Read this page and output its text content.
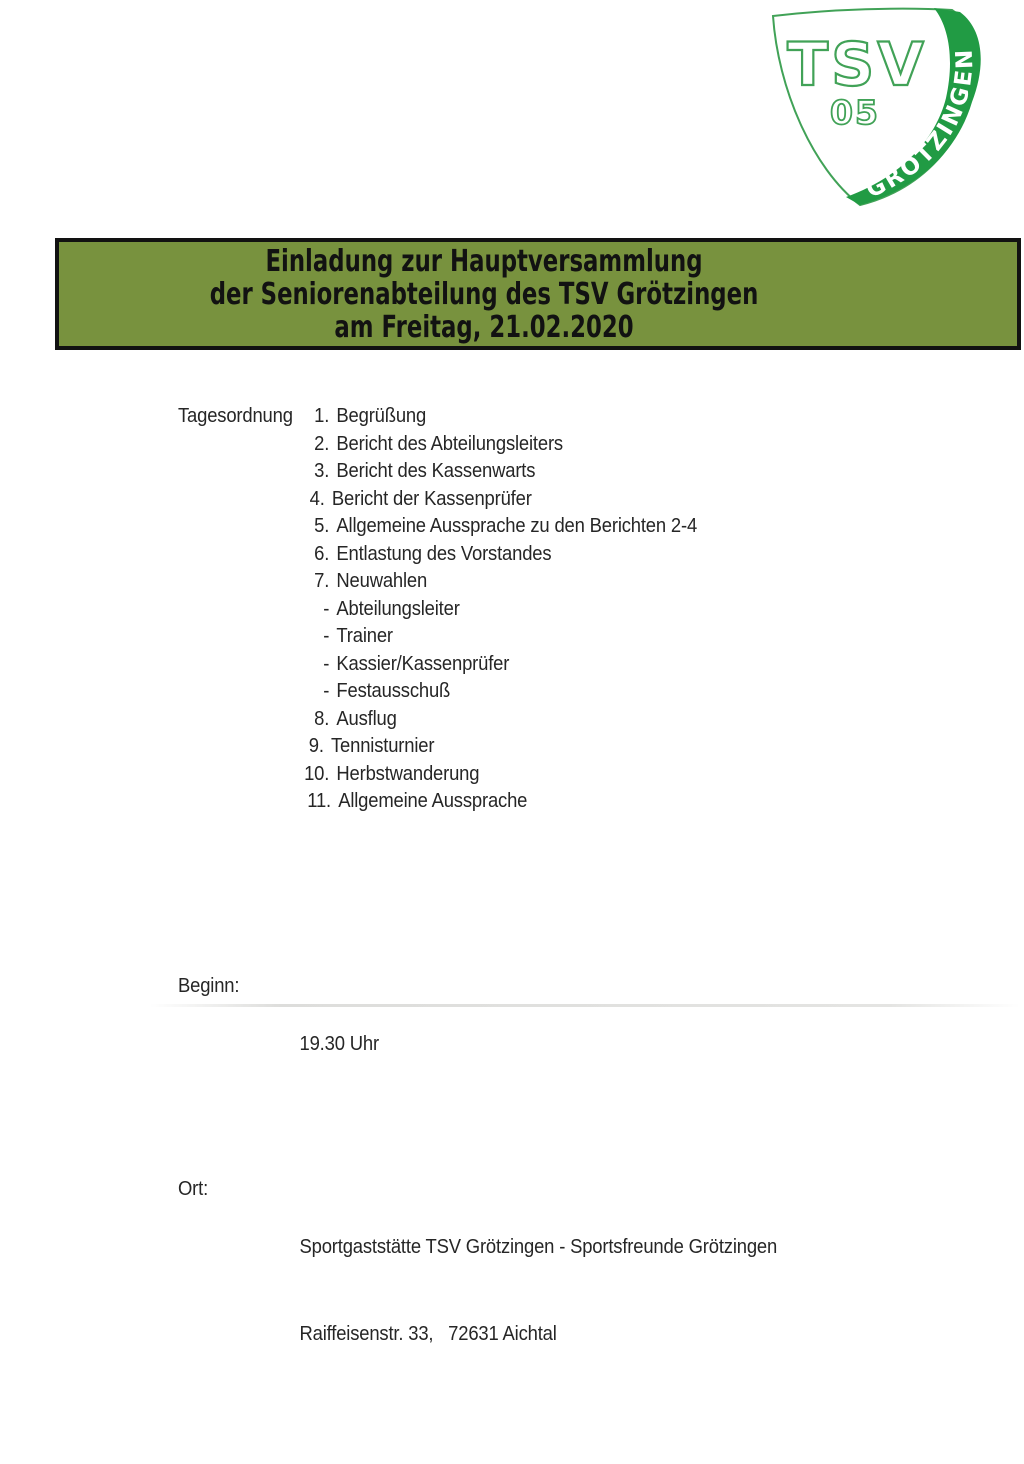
TSV
05
GRÖTZINGEN
Einladung zur Hauptversammlung
der Seniorenabteilung des TSV Grötzingen
am Freitag, 21.02.2020
Tagesordnung	1. Begrüßung
2. Bericht des Abteilungsleiters
3. Bericht des Kassenwarts
4. Bericht der Kassenprüfer
5. Allgemeine Aussprache zu den Berichten 2-4
6. Entlastung des Vorstandes
7. Neuwahlen
- Abteilungsleiter
- Trainer
- Kassier/Kassenprüfer
- Festausschuß
8. Ausflug
9. Tennisturnier
10. Herbstwanderung
11. Allgemeine Aussprache

Beginn:

19.30 Uhr

Ort:

Sportgaststätte TSV Grötzingen - Sportsfreunde Grötzingen

Raiffeisenstr. 33,   72631 Aichtal
